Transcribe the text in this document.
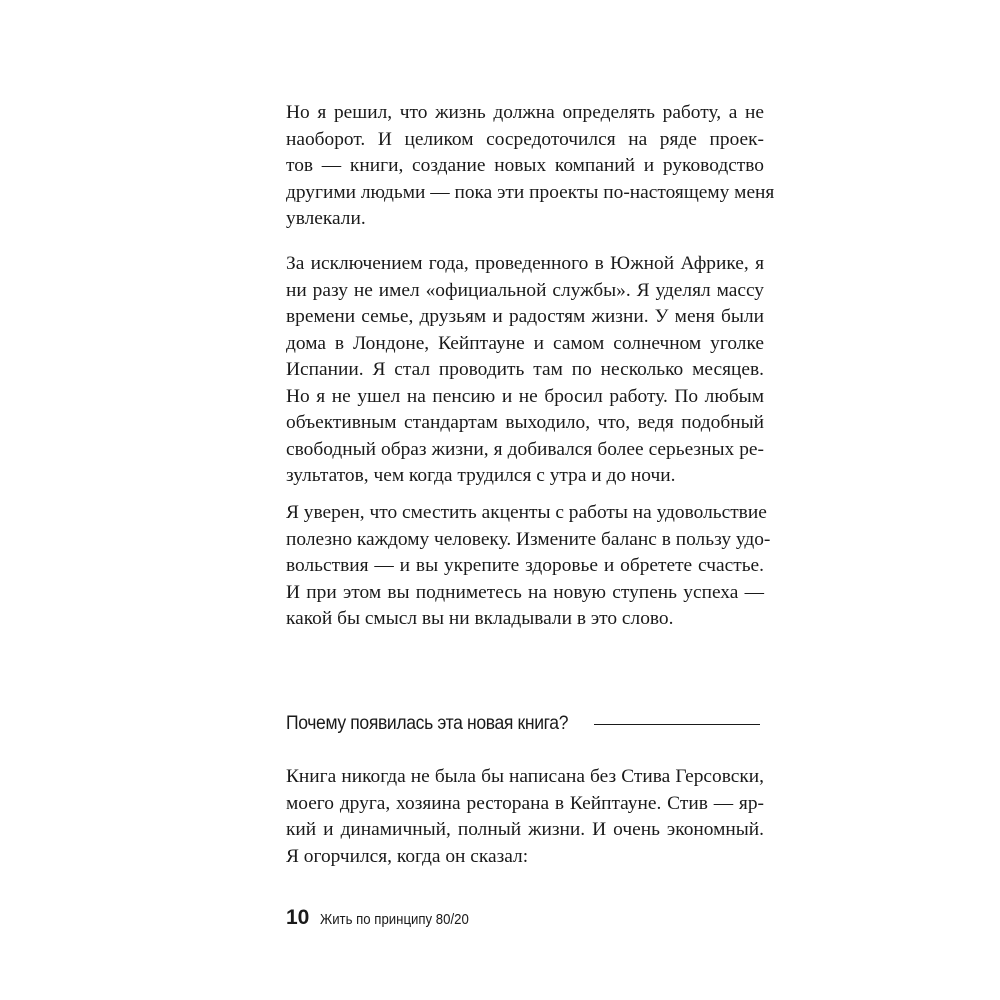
Но я решил, что жизнь должна определять работу, а не
наоборот. И целиком сосредоточился на ряде проек-
тов — книги, создание новых компаний и руководство
другими людьми — пока эти проекты по-настоящему меня
увлекали.
За исключением года, проведенного в Южной Африке, я
ни разу не имел «официальной службы». Я уделял массу
времени семье, друзьям и радостям жизни. У меня были
дома в Лондоне, Кейптауне и самом солнечном уголке
Испании. Я стал проводить там по несколько месяцев.
Но я не ушел на пенсию и не бросил работу. По любым
объективным стандартам выходило, что, ведя подобный
свободный образ жизни, я добивался более серьезных ре-
зультатов, чем когда трудился с утра и до ночи.
Я уверен, что сместить акценты с работы на удовольствие
полезно каждому человеку. Измените баланс в пользу удо-
вольствия — и вы укрепите здоровье и обретете счастье.
И при этом вы подниметесь на новую ступень успеха —
какой бы смысл вы ни вкладывали в это слово.
Почему появилась эта новая книга?
Книга никогда не была бы написана без Стива Герсовски,
моего друга, хозяина ресторана в Кейптауне. Стив — яр-
кий и динамичный, полный жизни. И очень экономный.
Я огорчился, когда он сказал:
10 Жить по принципу 80/20
